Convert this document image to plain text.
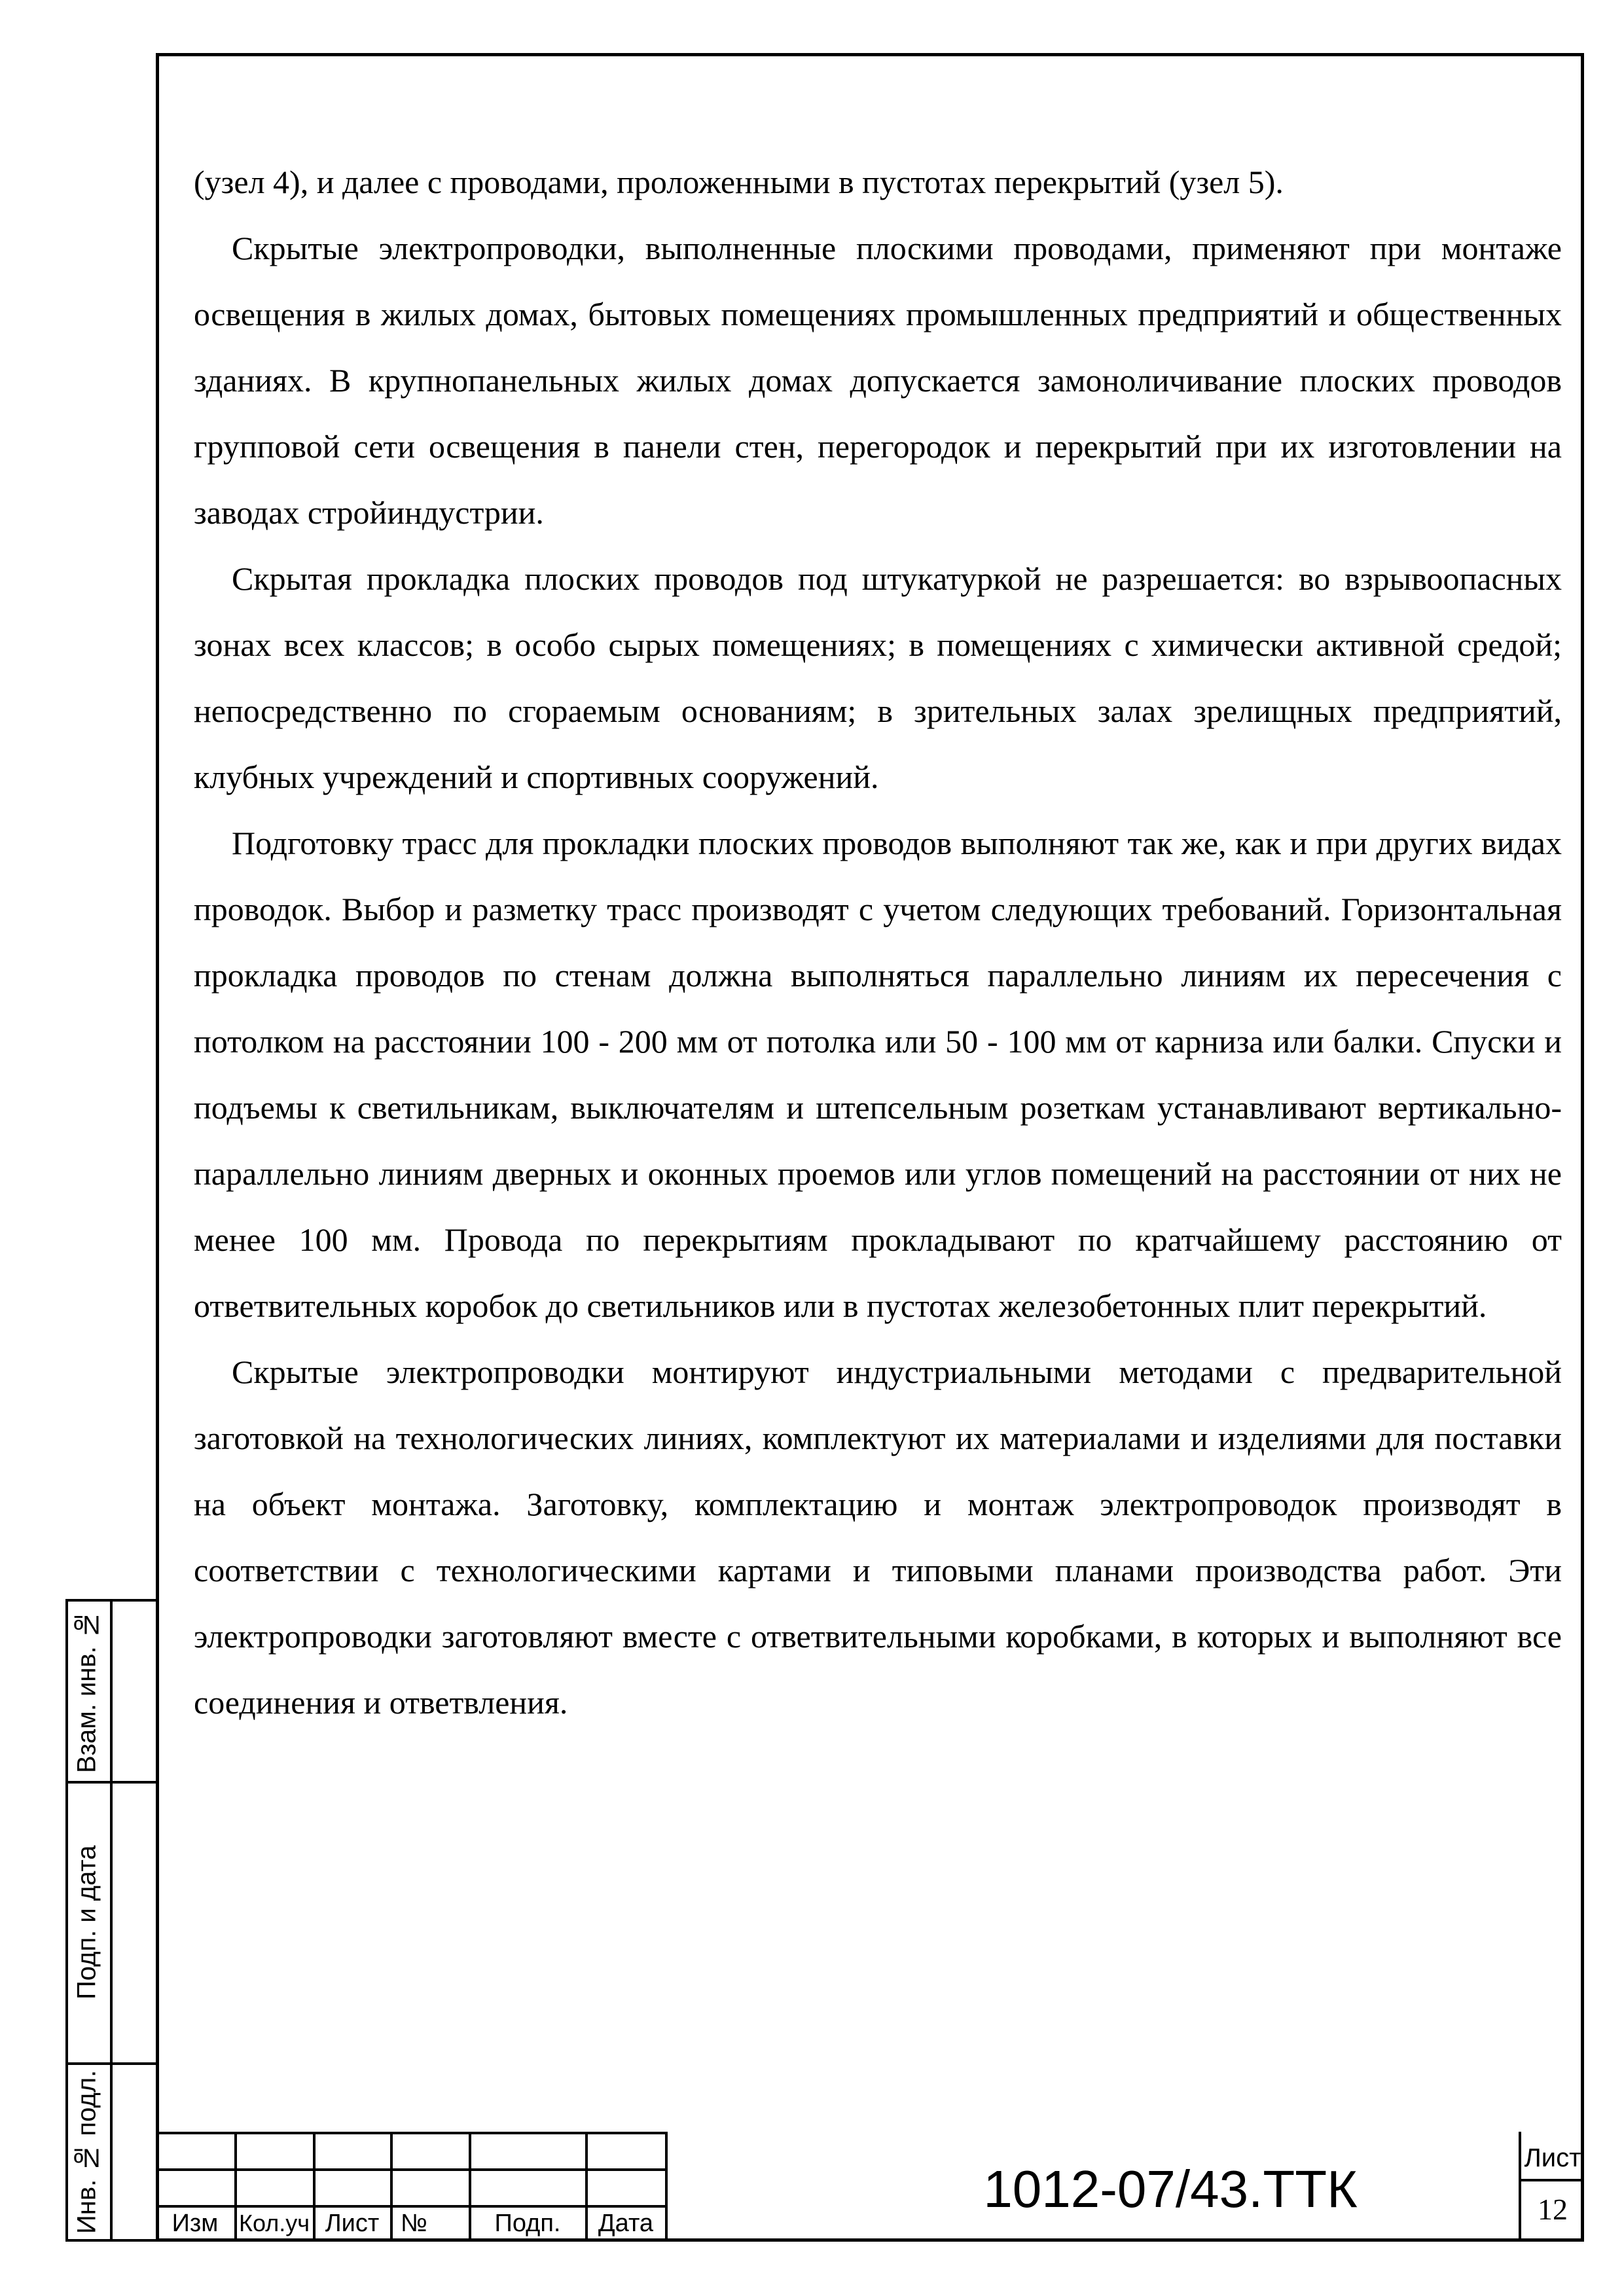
(узел 4), и далее с проводами, проложенными в пустотах перекрытий (узел 5).

Скрытые электропроводки, выполненные плоскими проводами, применяют при монтаже освещения в жилых домах, бытовых помещениях промышленных предприятий и общественных зданиях. В крупнопанельных жилых домах допускается замоноличивание плоских проводов групповой сети освещения в панели стен, перегородок и перекрытий при их изготовлении на заводах стройиндустрии.

Скрытая прокладка плоских проводов под штукатуркой не разрешается: во взрывоопасных зонах всех классов; в особо сырых помещениях; в помещениях с химически активной средой; непосредственно по сгораемым основаниям; в зрительных залах зрелищных предприятий, клубных учреждений и спортивных сооружений.

Подготовку трасс для прокладки плоских проводов выполняют так же, как и при других видах проводок. Выбор и разметку трасс производят с учетом следующих требований. Горизонтальная прокладка проводов по стенам должна выполняться параллельно линиям их пересечения с потолком на расстоянии 100 - 200 мм от потолка или 50 - 100 мм от карниза или балки. Спуски и подъемы к светильникам, выключателям и штепсельным розеткам устанавливают вертикально-параллельно линиям дверных и оконных проемов или углов помещений на расстоянии от них не менее 100 мм. Провода по перекрытиям прокладывают по кратчайшему расстоянию от ответвительных коробок до светильников или в пустотах железобетонных плит перекрытий.

Скрытые электропроводки монтируют индустриальными методами с предварительной заготовкой на технологических линиях, комплектуют их материалами и изделиями для поставки на объект монтажа. Заготовку, комплектацию и монтаж электропроводок производят в соответствии с технологическими картами и типовыми планами производства работ. Эти электропроводки заготовляют вместе с ответвительными коробками, в которых и выполняют все соединения и ответвления.

Взам. инв. №
Подп. и дата
Инв. № подл.	Изм Кол.уч Лист №	Подп.	Дата
1012-07/43.ТТК
Лист
12
